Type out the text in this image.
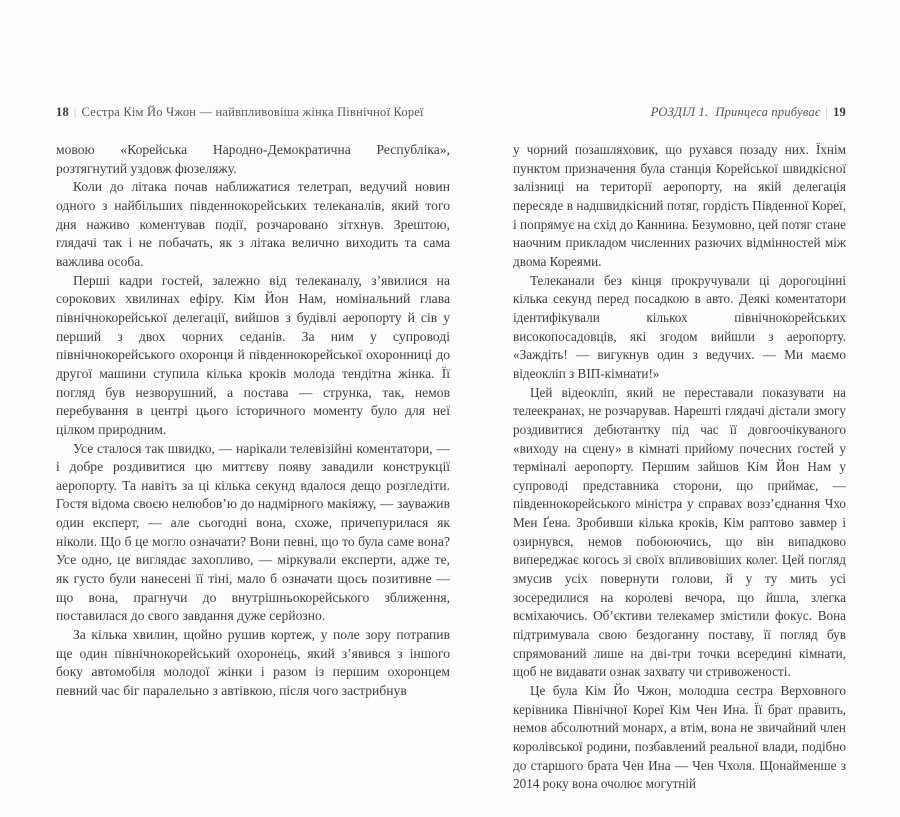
18 | Сестра Кім Йо Чжон — найвпливовіша жінка Північної Кореї

мовою «Корейська Народно-Демократична Республіка», розтягнутий уздовж фюзеляжу.

Коли до літака почав наближатися телетрап, ведучий новин одного з найбільших південнокорейських телеканалів, який того дня наживо коментував події, розчаровано зітхнув. Зрештою, глядачі так і не побачать, як з літака велично виходить та сама важлива особа.

Перші кадри гостей, залежно від телеканалу, з’явилися на сорокових хвилинах ефіру. Кім Йон Нам, номінальний глава північнокорейської делегації, вийшов з будівлі аеропорту й сів у перший з двох чорних седанів. За ним у супроводі північнокорейського охоронця й південнокорейської охоронниці до другої машини ступила кілька кроків молода тендітна жінка. Її погляд був незворушний, а постава — струнка, так, немов перебування в центрі цього історичного моменту було для неї цілком природним.

Усе сталося так швидко, — нарікали телевізійні коментатори, — і добре роздивитися цю миттєву появу завадили конструкції аеропорту. Та навіть за ці кілька секунд вдалося дещо розгледіти. Гостя відома своєю нелюбов’ю до надмірного макіяжу, — зауважив один експерт, — але сьогодні вона, схоже, причепурилася як ніколи. Що б це могло означати? Вони певні, що то була саме вона? Усе одно, це виглядає захопливо, — міркували експерти, адже те, як густо були нанесені її тіні, мало б означати щось позитивне — що вона, прагнучи до внутрішньокорейського зближення, поставилася до свого завдання дуже серйозно.

За кілька хвилин, щойно рушив кортеж, у поле зору потрапив ще один північнокорейський охоронець, який з’явився з іншого боку автомобіля молодої жінки і разом із першим охоронцем певний час біг паралельно з автівкою, після чого застрибнув

РОЗДІЛ 1. Принцеса прибуває | 19

у чорний позашляховик, що рухався позаду них. Їхнім пунктом призначення була станція Корейської швидкісної залізниці на території аеропорту, на якій делегація пересяде в надшвидкісний потяг, гордість Південної Кореї, і попрямує на схід до Каннина. Безумовно, цей потяг стане наочним прикладом численних разючих відмінностей між двома Кореями.

Телеканали без кінця прокручували ці дорогоцінні кілька секунд перед посадкою в авто. Деякі коментатори ідентифікували кількох північнокорейських високопосадовців, які згодом вийшли з аеропорту. «Заждіть! — вигукнув один з ведучих. — Ми маємо відеокліп з ВІП-кімнати!»

Цей відеокліп, який не переставали показувати на телеекранах, не розчарував. Нарешті глядачі дістали змогу роздивитися дебютантку під час її довгоочікуваного «виходу на сцену» в кімнаті прийому почесних гостей у терміналі аеропорту. Першим зайшов Кім Йон Нам у супроводі представника сторони, що приймає, — південнокорейського міністра у справах возз’єднання Чхо Мен Ґена. Зробивши кілька кроків, Кім раптово завмер і озирнувся, немов побоюючись, що він випадково випереджає когось зі своїх впливовіших колег. Цей погляд змусив усіх повернути голови, й у ту мить усі зосередилися на королеві вечора, що йшла, злегка всміхаючись. Об’єктиви телекамер змістили фокус. Вона підтримувала свою бездоганну поставу, її погляд був спрямований лише на дві-три точки всередині кімнати, щоб не видавати ознак захвату чи стривоженості.

Це була Кім Йо Чжон, молодша сестра Верховного керівника Північної Кореї Кім Чен Ина. Її брат править, немов абсолютний монарх, а втім, вона не звичайний член королівської родини, позбавлений реальної влади, подібно до старшого брата Чен Ина — Чен Чхоля. Щонайменше з 2014 року вона очолює могутній
